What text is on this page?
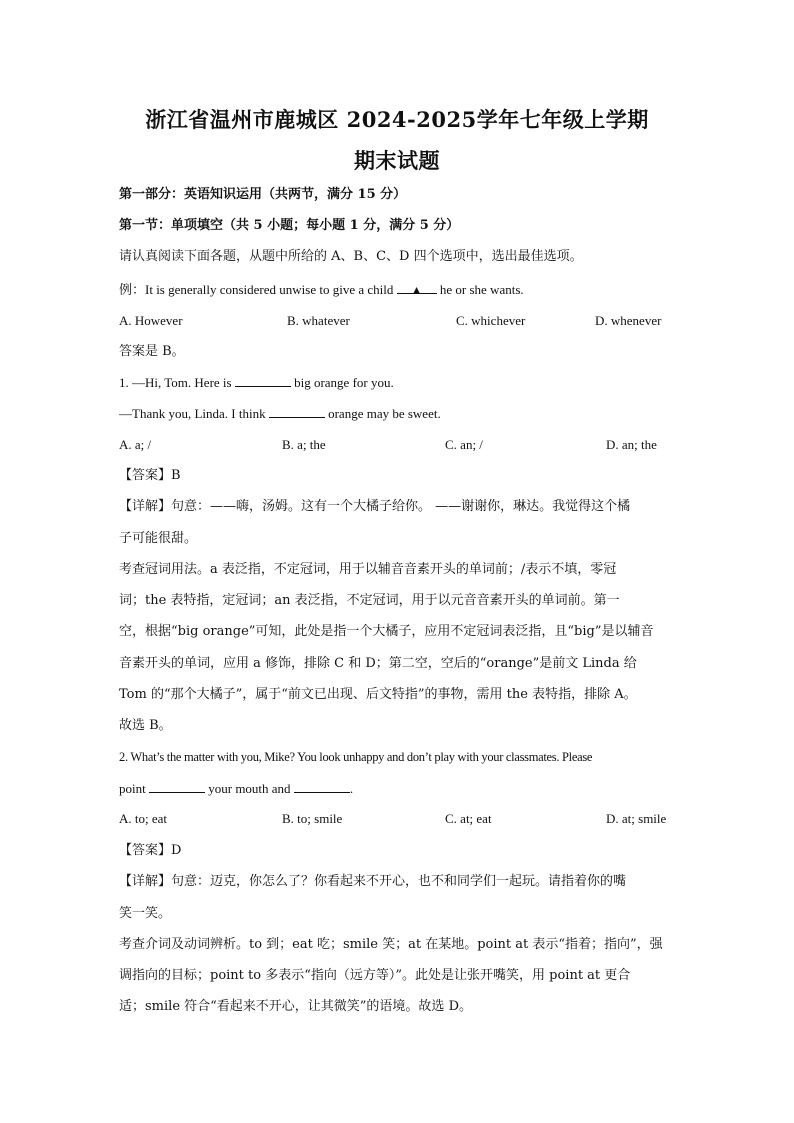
浙江省温州市鹿城区 2024-2025学年七年级上学期
期末试题
第一部分：英语知识运用（共两节，满分 15 分）
第一节：单项填空（共 5 小题；每小题 1 分，满分 5 分）
请认真阅读下面各题，从题中所给的 A、B、C、D 四个选项中，选出最佳选项。
例：It is generally considered unwise to give a child ▲ he or she wants.
A. However	B. whatever	C. whichever	D. whenever
答案是 B。
1. —Hi, Tom. Here is	big orange for you.
—Thank you, Linda. I think	orange may be sweet.
A. a; /	B. a; the	C. an; /	D. an; the
【答案】B
【详解】句意：——嗨，汤姆。这有一个大橘子给你。 ——谢谢你，琳达。我觉得这个橘
子可能很甜。
考查冠词用法。a 表泛指，不定冠词，用于以辅音音素开头的单词前；/表示不填，零冠
词；the 表特指，定冠词；an 表泛指，不定冠词，用于以元音音素开头的单词前。第一
空，根据“big orange”可知，此处是指一个大橘子，应用不定冠词表泛指，且“big”是以辅音
音素开头的单词，应用 a 修饰，排除 C 和 D；第二空，空后的“orange”是前文 Linda 给
Tom 的“那个大橘子”，属于“前文已出现、后文特指”的事物，需用 the 表特指，排除 A。
故选 B。
2. What’s the matter with you, Mike? You look unhappy and don’t play with your classmates. Please
point	your mouth and	.
A. to; eat	B. to; smile	C. at; eat	D. at; smile
【答案】D
【详解】句意：迈克，你怎么了？你看起来不开心，也不和同学们一起玩。请指着你的嘴
笑一笑。
考查介词及动词辨析。to 到；eat 吃；smile 笑；at 在某地。point at 表示“指着；指向”，强
调指向的目标；point to 多表示“指向（远方等）”。此处是让张开嘴笑，用 point at 更合
适；smile 符合“看起来不开心，让其微笑”的语境。故选 D。
